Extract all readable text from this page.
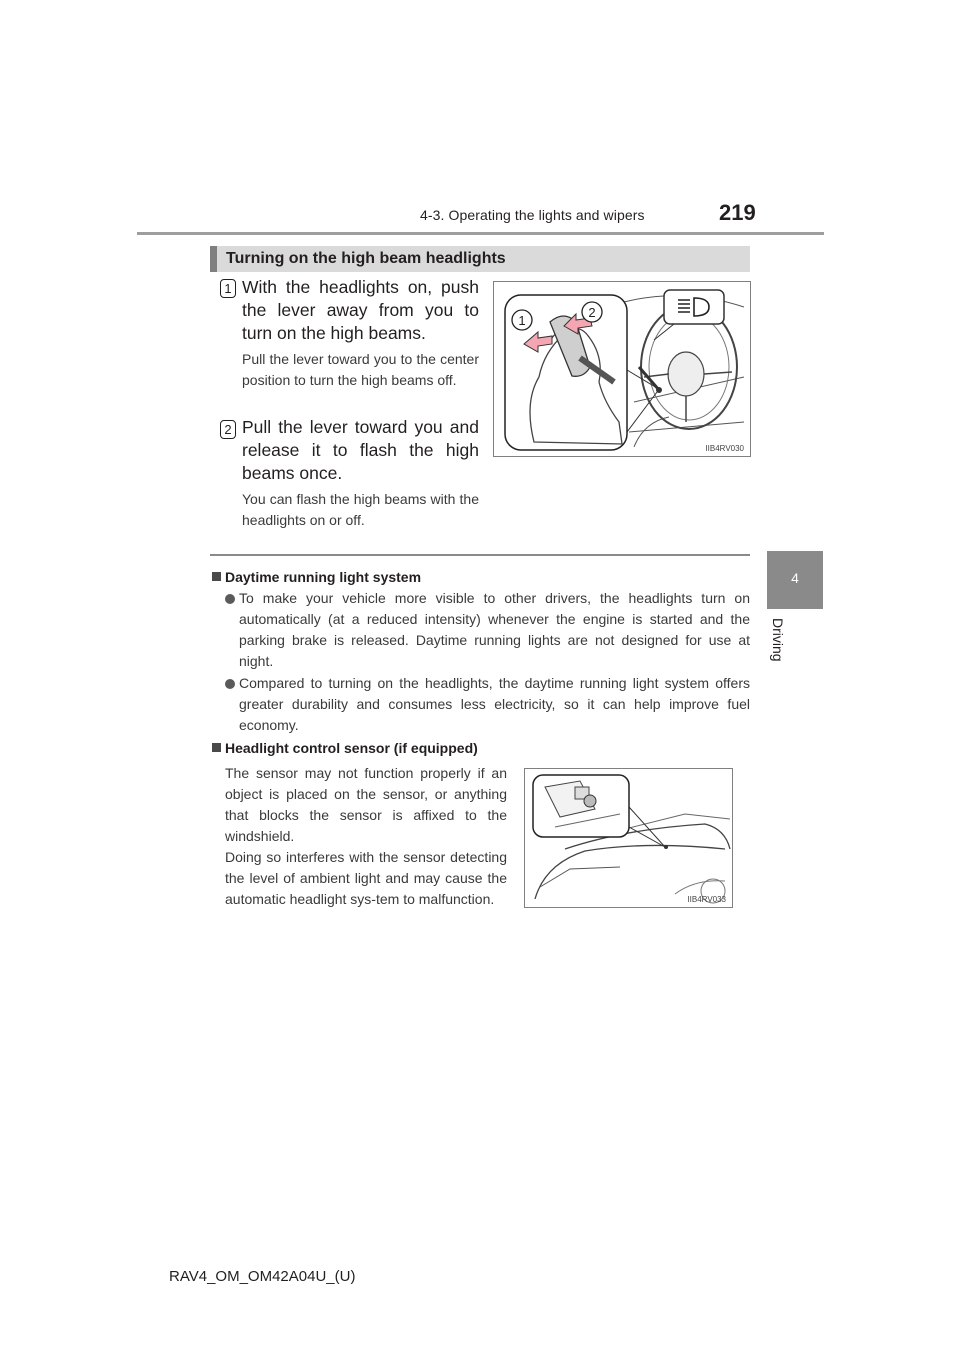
4-3. Operating the lights and wipers	219
4
Driving
Turning on the high beam headlights
1 With the headlights on, push the lever away from you to turn on the high beams.
Pull the lever toward you to the center position to turn the high beams off.
2 Pull the lever toward you and release it to flash the high beams once.
You can flash the high beams with the headlights on or off.
1
2
IIB4RV030
Daytime running light system
To make your vehicle more visible to other drivers, the headlights turn on automatically (at a reduced intensity) whenever the engine is started and the parking brake is released. Daytime running lights are not designed for use at night.
Compared to turning on the headlights, the daytime running light system offers greater durability and consumes less electricity, so it can help improve fuel economy.
Headlight control sensor (if equipped)
The sensor may not function properly if an object is placed on the sensor, or anything that blocks the sensor is affixed to the windshield.
Doing so interferes with the sensor detecting the level of ambient light and may cause the automatic headlight sys-tem to malfunction.	IIB4RV033
RAV4_OM_OM42A04U_(U)
